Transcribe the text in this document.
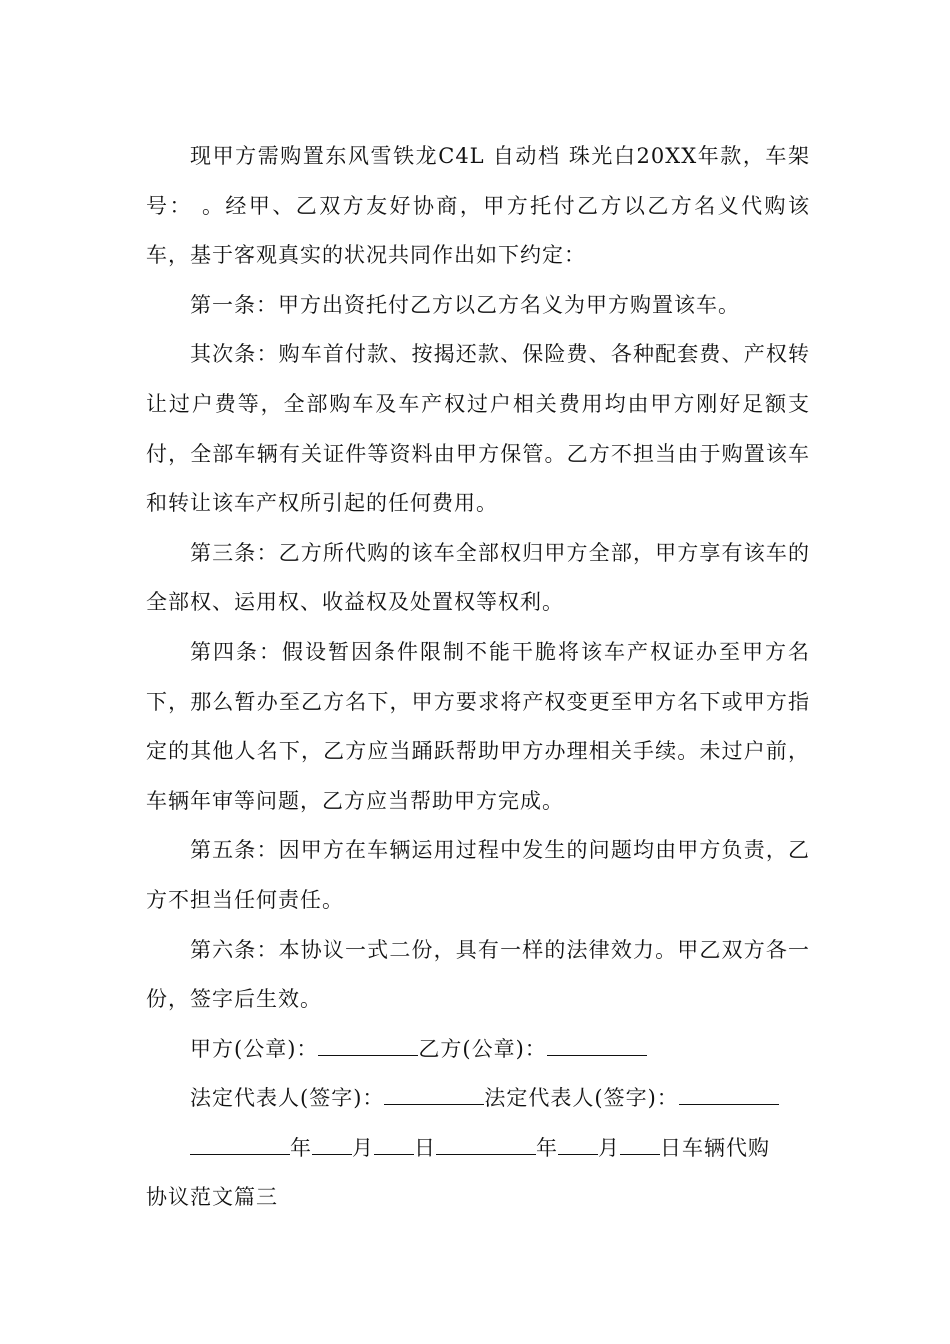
现甲方需购置东风雪铁龙C4L 自动档 珠光白20XX年款，车架号： 。经甲、乙双方友好协商，甲方托付乙方以乙方名义代购该车，基于客观真实的状况共同作出如下约定：

第一条：甲方出资托付乙方以乙方名义为甲方购置该车。

其次条：购车首付款、按揭还款、保险费、各种配套费、产权转让过户费等，全部购车及车产权过户相关费用均由甲方刚好足额支付，全部车辆有关证件等资料由甲方保管。乙方不担当由于购置该车和转让该车产权所引起的任何费用。

第三条：乙方所代购的该车全部权归甲方全部，甲方享有该车的全部权、运用权、收益权及处置权等权利。

第四条：假设暂因条件限制不能干脆将该车产权证办至甲方名下，那么暂办至乙方名下，甲方要求将产权变更至甲方名下或甲方指定的其他人名下，乙方应当踊跃帮助甲方办理相关手续。未过户前，车辆年审等问题，乙方应当帮助甲方完成。

第五条：因甲方在车辆运用过程中发生的问题均由甲方负责，乙方不担当任何责任。

第六条：本协议一式二份，具有一样的法律效力。甲乙双方各一份，签字后生效。

甲方(公章)：	乙方(公章)：

法定代表人(签字)：	法定代表人(签字)：

年 月 日	年 月 日车辆代购

协议范文篇三
